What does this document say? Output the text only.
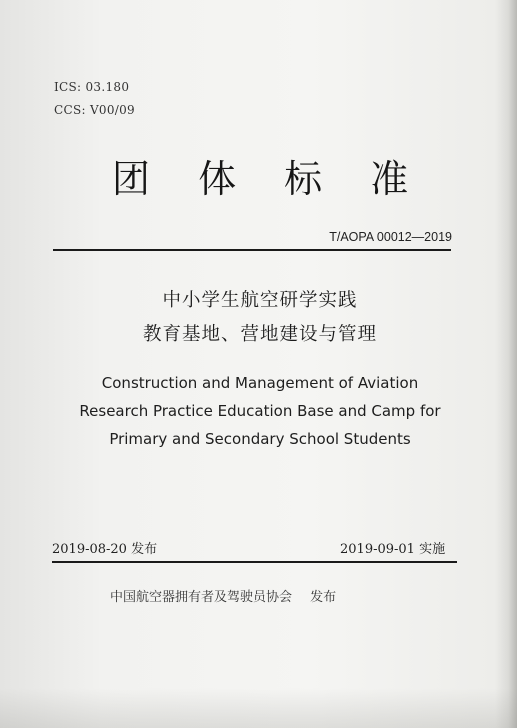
ICS: 03.180
CCS: V00/09
团 体 标 准
T/AOPA 00012—2019
中小学生航空研学实践
教育基地、营地建设与管理
Construction and Management of Aviation
Research Practice Education Base and Camp for
Primary and Secondary School Students
2019-08-20 发布	2019-09-01 实施
中国航空器拥有者及驾驶员协会 发布
